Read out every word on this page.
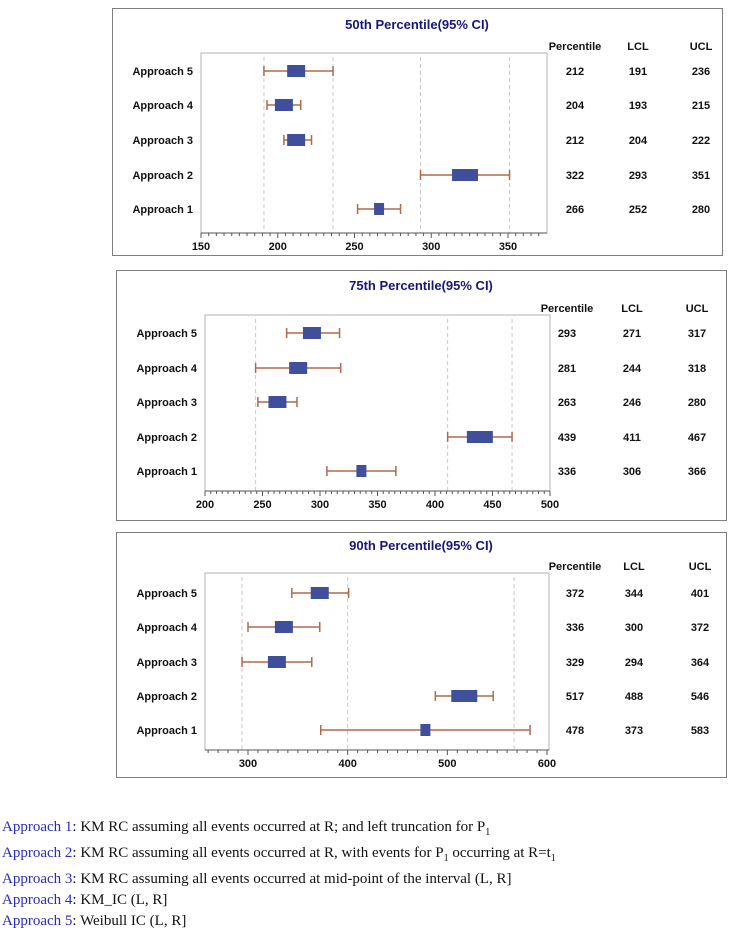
50th Percentile(95% CI)
Percentile LCL	UCL
150	200	250	300	350
Approach 5	212	191	236
Approach 4	204	193	215
Approach 3	212	204	222
Approach 2	322	293	351
Approach 1	266	252	280
75th Percentile(95% CI)
Percentile	LCL	UCL
200	250	300	350	400	450	500
Approach 5	293	271	317
Approach 4	281	244	318
Approach 3	263	246	280
Approach 2	439	411	467
Approach 1	336	306	366
90th Percentile(95% CI)
Percentile LCL	UCL
300	400	500	600
Approach 5	372	344	401
Approach 4	336	300	372
Approach 3	329	294	364
Approach 2	517	488	546
Approach 1	478	373	583
Approach 1: KM RC assuming all events occurred at R; and left truncation for $P_1$
Approach 2: KM RC assuming all events occurred at R, with events for $P_1$ occurring at $R=t_1$
Approach 3: KM RC assuming all events occurred at mid-point of the interval (L, R]
Approach 4: KM_IC (L, R]
Approach 5: Weibull IC (L, R]
